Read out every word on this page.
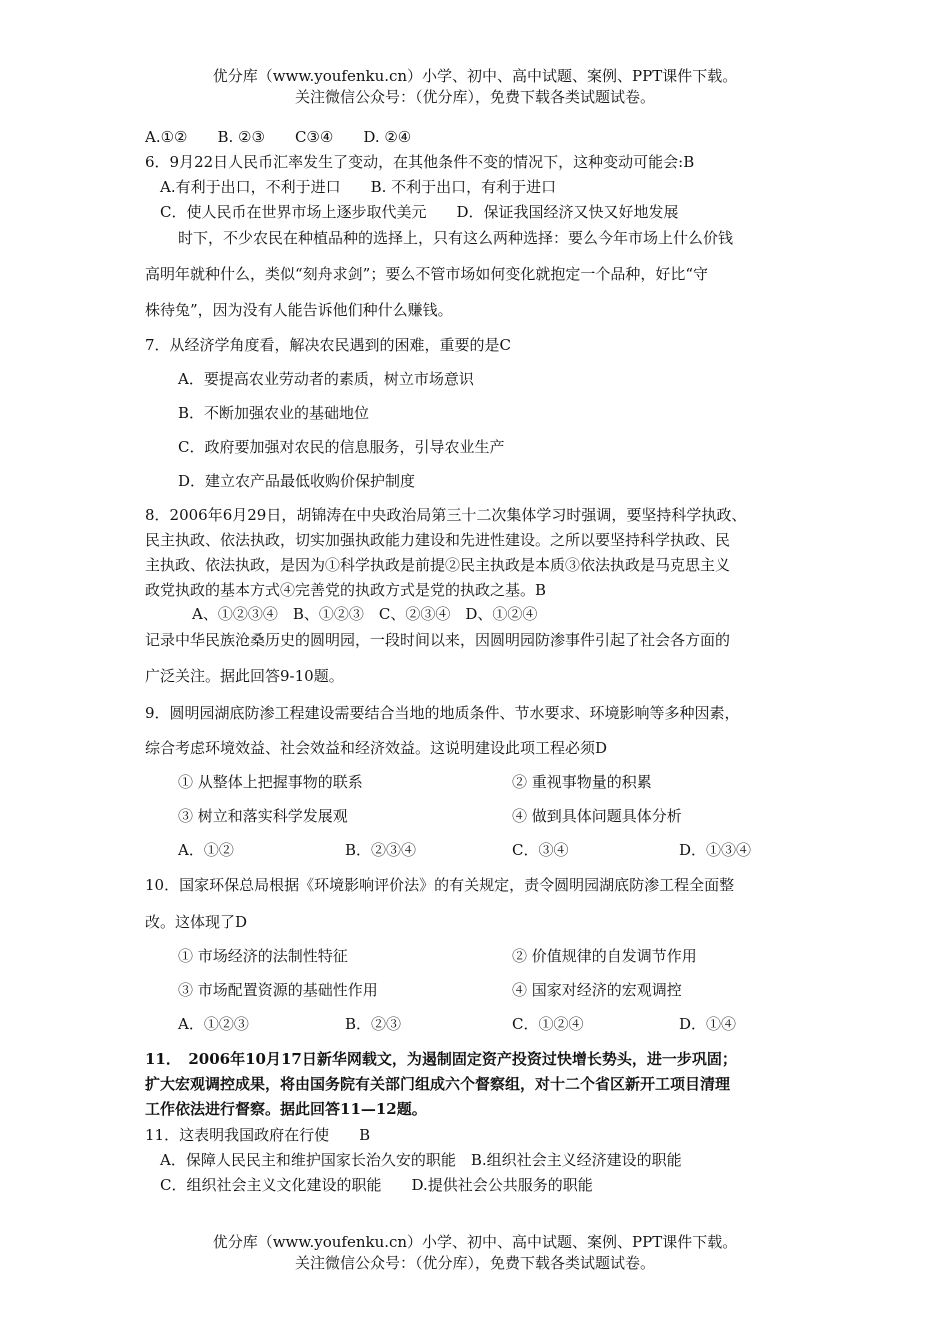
优分库（www.youfenku.cn）小学、初中、高中试题、案例、PPT课件下载。
关注微信公众号：（优分库），免费下载各类试题试卷。
A.①②　　B. ②③　　C③④　　D. ②④
6．9月22日人民币汇率发生了变动，在其他条件不变的情况下，这种变动可能会:B
A.有利于出口，不利于进口　　B. 不利于出口，有利于进口
C．使人民币在世界市场上逐步取代美元　　D．保证我国经济又快又好地发展
时下，不少农民在种植品种的选择上，只有这么两种选择：要么今年市场上什么价钱
高明年就种什么，类似“刻舟求剑”；要么不管市场如何变化就抱定一个品种，好比“守
株待兔”，因为没有人能告诉他们种什么赚钱。
7．从经济学角度看，解决农民遇到的困难，重要的是C
A．要提高农业劳动者的素质，树立市场意识
B．不断加强农业的基础地位
C．政府要加强对农民的信息服务，引导农业生产
D．建立农产品最低收购价保护制度
8．2006年6月29日，胡锦涛在中央政治局第三十二次集体学习时强调，要坚持科学执政、
民主执政、依法执政，切实加强执政能力建设和先进性建设。之所以要坚持科学执政、民
主执政、依法执政，是因为①科学执政是前提②民主执政是本质③依法执政是马克思主义
政党执政的基本方式④完善党的执政方式是党的执政之基。B
A、①②③④　B、①②③　C、②③④　D、①②④
记录中华民族沧桑历史的圆明园，一段时间以来，因圆明园防渗事件引起了社会各方面的
广泛关注。据此回答9-10题。
9．圆明园湖底防渗工程建设需要结合当地的地质条件、节水要求、环境影响等多种因素，
综合考虑环境效益、社会效益和经济效益。这说明建设此项工程必须D
① 从整体上把握事物的联系	② 重视事物量的积累
③ 树立和落实科学发展观	④ 做到具体问题具体分析
A．①②	B．②③④	C．③④	D．①③④
10．国家环保总局根据《环境影响评价法》的有关规定，责令圆明园湖底防渗工程全面整
改。这体现了D
① 市场经济的法制性特征	② 价值规律的自发调节作用
③ 市场配置资源的基础性作用	④ 国家对经济的宏观调控
A．①②③	B．②③	C．①②④	D．①④
11．　2006年10月17日新华网载文，为遏制固定资产投资过快增长势头，进一步巩固；
扩大宏观调控成果，将由国务院有关部门组成六个督察组，对十二个省区新开工项目清理
工作依法进行督察。据此回答11—12题。
11．这表明我国政府在行使　　B
A．保障人民民主和维护国家长治久安的职能　B.组织社会主义经济建设的职能
C．组织社会主义文化建设的职能　　D.提供社会公共服务的职能
优分库（www.youfenku.cn）小学、初中、高中试题、案例、PPT课件下载。
关注微信公众号：（优分库），免费下载各类试题试卷。
